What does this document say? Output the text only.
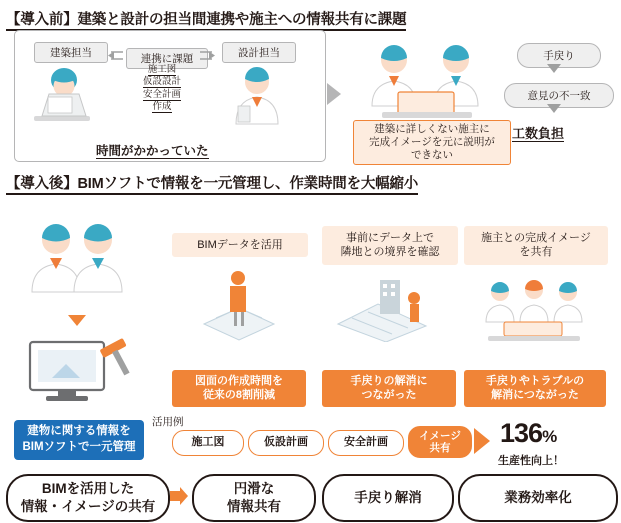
【導入前】建築と設計の担当間連携や施主への情報共有に課題
建築担当	設計担当
連携に課題
施工図
仮設設計
安全計画
作成
時間がかかっていた
建築に詳しくない施主に
完成イメージを元に説明が
できない
手戻り
意見の不一致
工数負担
【導入後】BIMソフトで情報を一元管理し、作業時間を大幅縮小
建物に関する情報を
BIMソフトで一元管理
BIMデータを活用
図面の作成時間を
従来の8割削減
事前にデータ上で
隣地との境界を確認
手戻りの解消に
つながった
施主との完成イメージ
を共有
手戻りやトラブルの
解消につながった
活用例
施工図	仮設計画	安全計画
イメージ
共有	136%
生産性向上！
BIMを活用した
情報・イメージの共有
円滑な
情報共有
手戻り解消	業務効率化
